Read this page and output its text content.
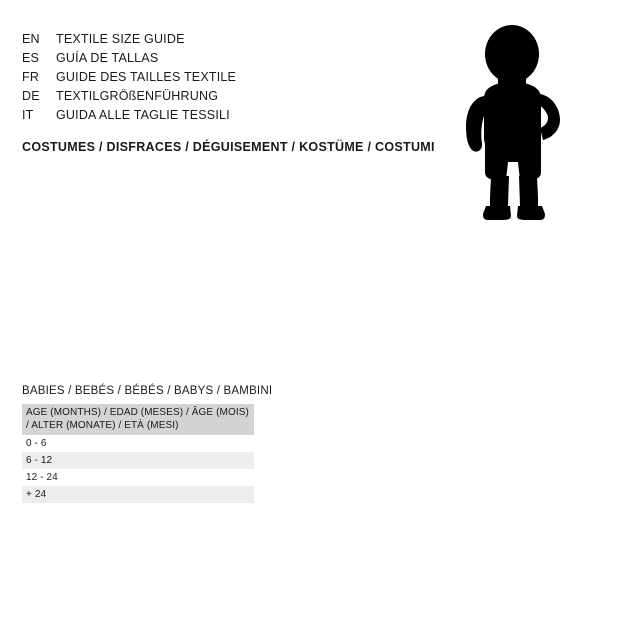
EN	TEXTILE SIZE GUIDE
ES	GUÍA DE TALLAS
FR	GUIDE DES TAILLES TEXTILE
DE	TEXTILGRÖßENFÜHRUNG
IT	GUIDA ALLE TAGLIE TESSILI
COSTUMES / DISFRACES / DÉGUISEMENT / KOSTÜME / COSTUMI
BABIES / BEBÉS / BÉBÉS / BABYS / BAMBINI
AGE (MONTHS) / EDAD (MESES) / ÂGE (MOIS) / ALTER (MONATE) / ETÀ (MESI)
0 - 6
6 - 12
12 - 24
+ 24
